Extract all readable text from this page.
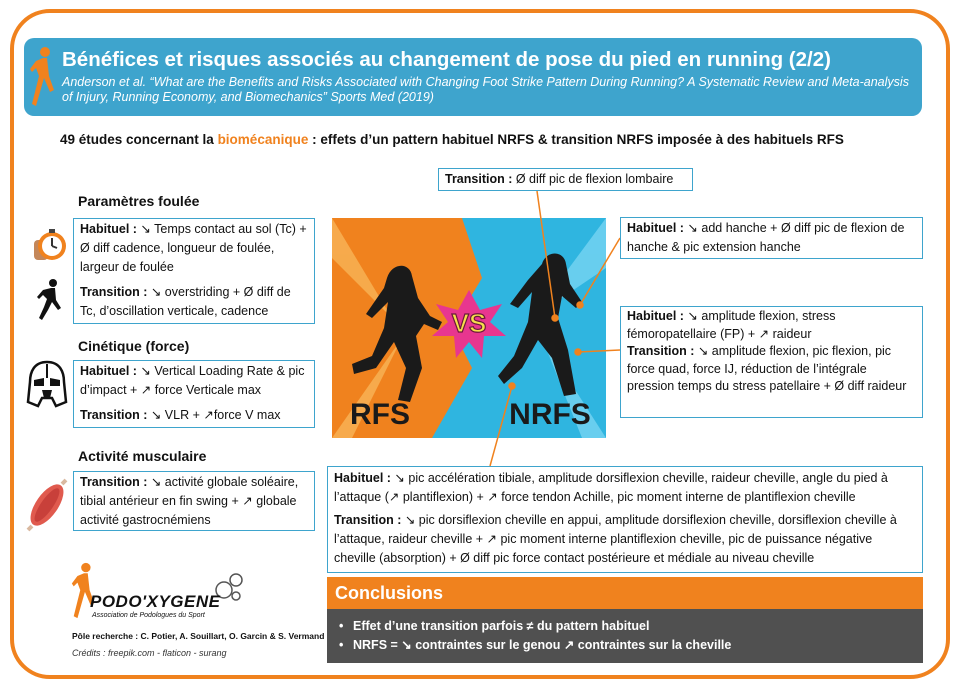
Bénéfices et risques associés au changement de pose du pied en running (2/2)
Anderson et al. “What are the Benefits and Risks Associated with Changing Foot Strike Pattern During Running? A Systematic Review and Meta-analysis of Injury, Running Economy, and Biomechanics” Sports Med (2019)
49 études concernant la biomécanique : effets d’un pattern habituel NRFS & transition NRFS imposée à des habituels RFS
Paramètres foulée

Habituel : ↘ Temps contact au sol (Tc) + Ø diff cadence, longueur de foulée, largeur de foulée

Transition : ↘ overstriding + Ø diff de Tc, d’oscillation verticale, cadence

Cinétique (force)

Habituel : ↘ Vertical Loading Rate & pic d’impact + ↗ force Verticale max

Transition : ↘ VLR + ↗force V max

Activité musculaire

Transition : ↘ activité globale soléaire, tibial antérieur en fin swing + ↗ globale activité gastrocnémiens

VS
RFS	NRFS

Transition : Ø diff pic de flexion lombaire

Habituel : ↘ add hanche + Ø diff pic de flexion de hanche & pic extension hanche

Habituel : ↘ amplitude flexion, stress fémoropatellaire (FP) + ↗ raideur

Transition : ↘ amplitude flexion, pic flexion, pic force quad, force IJ, réduction de l’intégrale pression temps du stress patellaire + Ø diff raideur

Habituel : ↘ pic accélération tibiale, amplitude dorsiflexion cheville, raideur cheville, angle du pied à l’attaque (↗ plantiflexion) + ↗ force tendon Achille, pic moment interne de plantiflexion cheville

Transition : ↘ pic dorsiflexion cheville en appui, amplitude dorsiflexion cheville, dorsiflexion cheville à l’attaque, raideur cheville + ↗ pic moment interne plantiflexion cheville, pic de puissance négative cheville (absorption) + Ø diff pic force contact postérieure et médiale au niveau cheville

Conclusions
• Effet d’une transition parfois ≠ du pattern habituel
• NRFS = ↘ contraintes sur le genou ↗ contraintes sur la cheville
PODO'XYGENE
Association de Podologues du Sport
Pôle recherche : C. Potier, A. Souillart, O. Garcin & S. Vermand
Crédits : freepik.com - flaticon - surang
